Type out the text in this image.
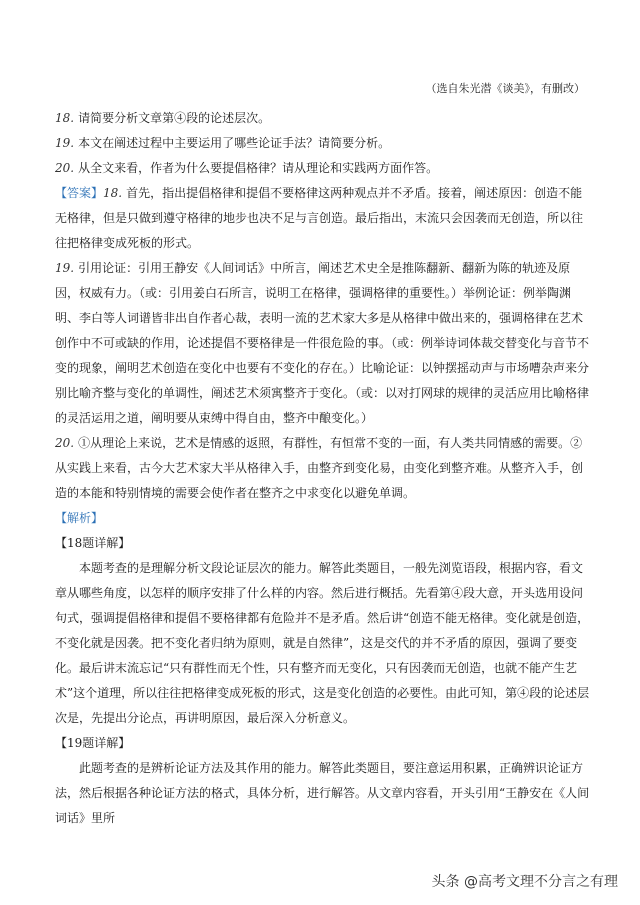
（选自朱光潜《谈美》，有删改）

18. 请简要分析文章第④段的论述层次。

19. 本文在阐述过程中主要运用了哪些论证手法？请简要分析。

20. 从全文来看，作者为什么要提倡格律？请从理论和实践两方面作答。

【答案】18. 首先，指出提倡格律和提倡不要格律这两种观点并不矛盾。接着，阐述原因：创造不能无格律，但是只做到遵守格律的地步也决不足与言创造。最后指出，末流只会因袭而无创造，所以往往把格律变成死板的形式。

19. 引用论证：引用王静安《人间词话》中所言，阐述艺术史全是推陈翻新、翻新为陈的轨迹及原因，权威有力。（或：引用姜白石所言，说明工在格律，强调格律的重要性。）举例论证：例举陶渊明、李白等人词谱皆非出自作者心裁，表明一流的艺术家大多是从格律中做出来的，强调格律在艺术创作中不可或缺的作用，论述提倡不要格律是一件很危险的事。（或：例举诗词体裁交替变化与音节不变的现象，阐明艺术创造在变化中也要有不变化的存在。）比喻论证：以钟摆摇动声与市场嘈杂声来分别比喻齐整与变化的单调性，阐述艺术须寓整齐于变化。（或：以对打网球的规律的灵活应用比喻格律的灵活运用之道，阐明要从束缚中得自由，整齐中酿变化。）

20. ①从理论上来说，艺术是情感的返照，有群性，有恒常不变的一面，有人类共同情感的需要。②从实践上来看，古今大艺术家大半从格律入手，由整齐到变化易，由变化到整齐难。从整齐入手，创造的本能和特别情境的需要会使作者在整齐之中求变化以避免单调。

【解析】

【18题详解】

本题考查的是理解分析文段论证层次的能力。解答此类题目，一般先浏览语段，根据内容，看文章从哪些角度，以怎样的顺序安排了什么样的内容。然后进行概括。先看第④段大意，开头选用设问句式，强调提倡格律和提倡不要格律都有危险并不是矛盾。然后讲“创造不能无格律。变化就是创造，不变化就是因袭。把不变化者归纳为原则，就是自然律”，这是交代的并不矛盾的原因，强调了要变化。最后讲末流忘记“只有群性而无个性，只有整齐而无变化，只有因袭而无创造，也就不能产生艺术”这个道理，所以往往把格律变成死板的形式，这是变化创造的必要性。由此可知，第④段的论述层次是，先提出分论点，再讲明原因，最后深入分析意义。

【19题详解】

此题考查的是辨析论证方法及其作用的能力。解答此类题目，要注意运用积累，正确辨识论证方法，然后根据各种论证方法的格式，具体分析，进行解答。从文章内容看，开头引用“王静安在《人间词话》里所

头条 @高考文理不分言之有理
